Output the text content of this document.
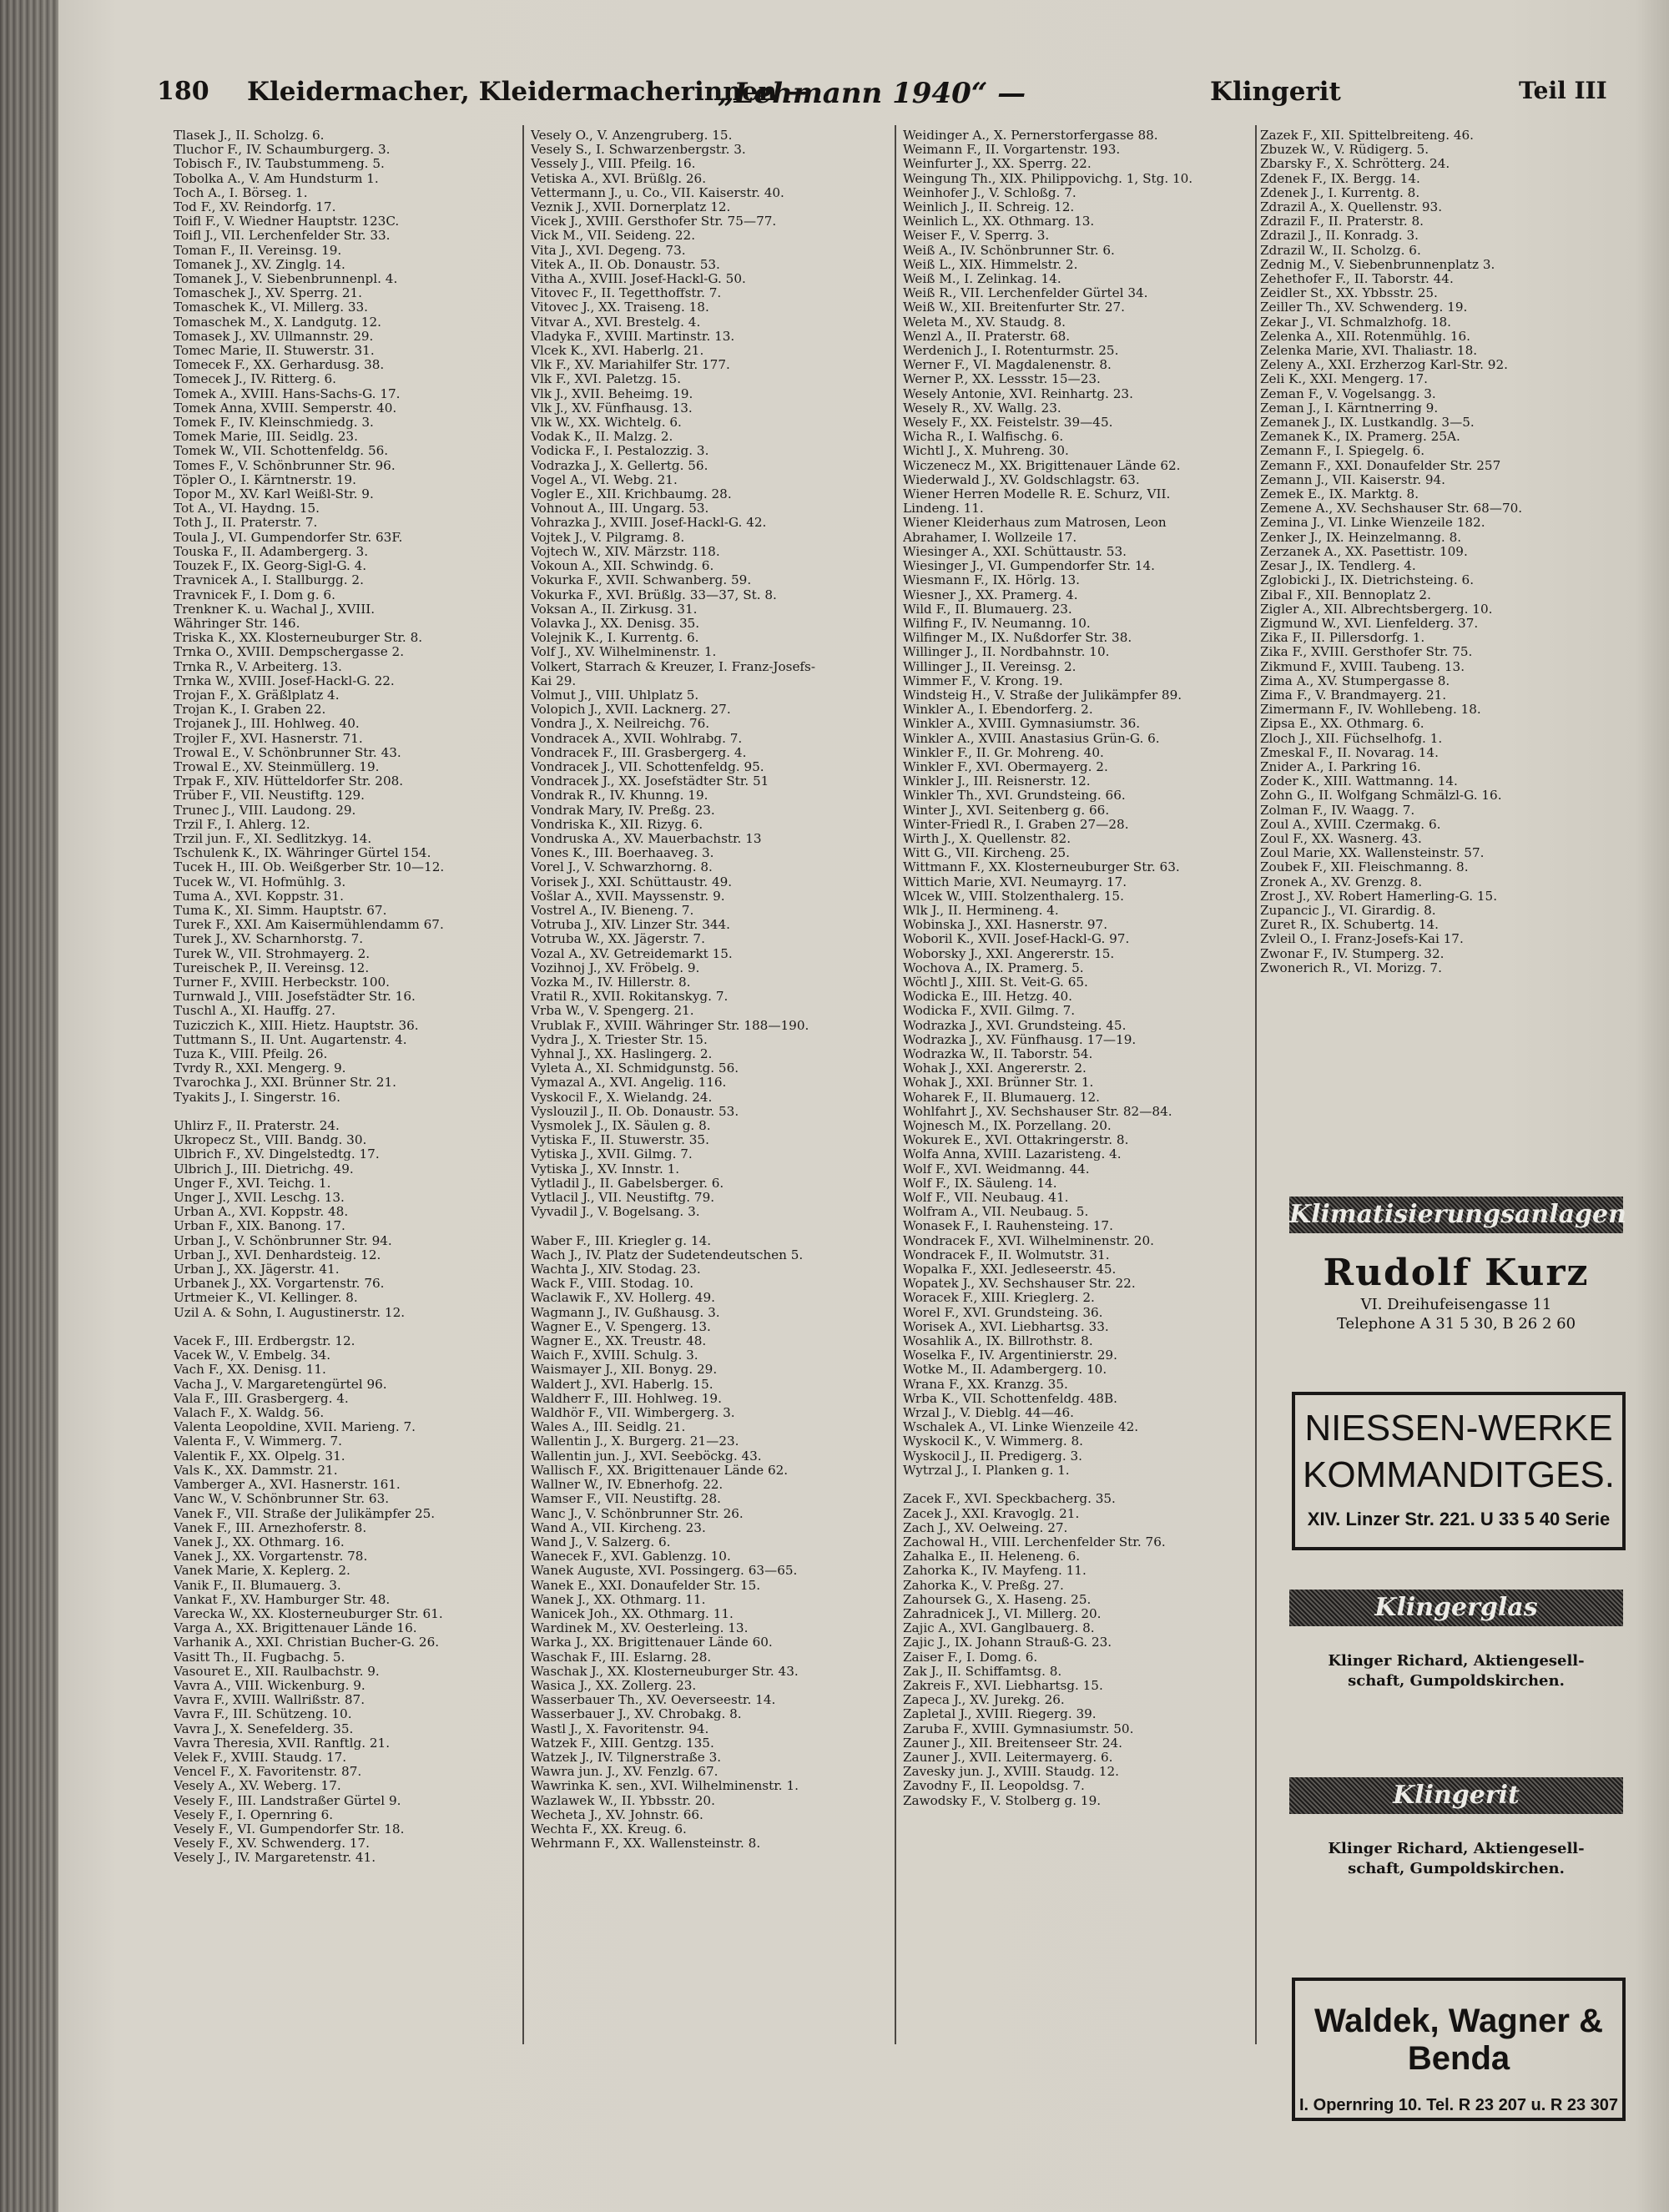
180 Kleidermacher, Kleidermacherinnen —
„Lehmann 1940“ —	Klingerit	Teil III
Tlasek J., II. Scholzg. 6.
Tluchor F., IV. Schaumburgerg. 3.
Tobisch F., IV. Taubstummeng. 5.
Tobolka A., V. Am Hundsturm 1.
Toch A., I. Börseg. 1.
Tod F., XV. Reindorfg. 17.
Toifl F., V. Wiedner Hauptstr. 123C.
Toifl J., VII. Lerchenfelder Str. 33.
Toman F., II. Vereinsg. 19.
Tomanek J., XV. Zinglg. 14.
Tomanek J., V. Siebenbrunnenpl. 4.
Tomaschek J., XV. Sperrg. 21.
Tomaschek K., VI. Millerg. 33.
Tomaschek M., X. Landgutg. 12.
Tomasek J., XV. Ullmannstr. 29.
Tomec Marie, II. Stuwerstr. 31.
Tomecek F., XX. Gerhardusg. 38.
Tomecek J., IV. Ritterg. 6.
Tomek A., XVIII. Hans-Sachs-G. 17.
Tomek Anna, XVIII. Semperstr. 40.
Tomek F., IV. Kleinschmiedg. 3.
Tomek Marie, III. Seidlg. 23.
Tomek W., VII. Schottenfeldg. 56.
Tomes F., V. Schönbrunner Str. 96.
Töpler O., I. Kärntnerstr. 19.
Topor M., XV. Karl Weißl-Str. 9.
Tot A., VI. Haydng. 15.
Toth J., II. Praterstr. 7.
Toula J., VI. Gumpendorfer Str. 63F.
Touska F., II. Adambergerg. 3.
Touzek F., IX. Georg-Sigl-G. 4.
Travnicek A., I. Stallburgg. 2.
Travnicek F., I. Dom g. 6.
Trenkner K. u. Wachal J., XVIII.
Währinger Str. 146.
Triska K., XX. Klosterneuburger Str. 8.
Trnka O., XVIII. Dempschergasse 2.
Trnka R., V. Arbeiterg. 13.
Trnka W., XVIII. Josef-Hackl-G. 22.
Trojan F., X. Gräßlplatz 4.
Trojan K., I. Graben 22.
Trojanek J., III. Hohlweg. 40.
Trojler F., XVI. Hasnerstr. 71.
Trowal E., V. Schönbrunner Str. 43.
Trowal E., XV. Steinmüllerg. 19.
Trpak F., XIV. Hütteldorfer Str. 208.
Trüber F., VII. Neustiftg. 129.
Trunec J., VIII. Laudong. 29.
Trzil F., I. Ahlerg. 12.
Trzil jun. F., XI. Sedlitzkyg. 14.
Tschulenk K., IX. Währinger Gürtel 154.
Tucek H., III. Ob. Weißgerber Str. 10—12.
Tucek W., VI. Hofmühlg. 3.
Tuma A., XVI. Koppstr. 31.
Tuma K., XI. Simm. Hauptstr. 67.
Turek F., XXI. Am Kaisermühlendamm 67.
Turek J., XV. Scharnhorstg. 7.
Turek W., VII. Strohmayerg. 2.
Tureischek P., II. Vereinsg. 12.
Turner F., XVIII. Herbeckstr. 100.
Turnwald J., VIII. Josefstädter Str. 16.
Tuschl A., XI. Hauffg. 27.
Tuziczich K., XIII. Hietz. Hauptstr. 36.
Tuttmann S., II. Unt. Augartenstr. 4.
Tuza K., VIII. Pfeilg. 26.
Tvrdy R., XXI. Mengerg. 9.
Tvarochka J., XXI. Brünner Str. 21.
Tyakits J., I. Singerstr. 16.

Uhlirz F., II. Praterstr. 24.
Ukropecz St., VIII. Bandg. 30.
Ulbrich F., XV. Dingelstedtg. 17.
Ulbrich J., III. Dietrichg. 49.
Unger F., XVI. Teichg. 1.
Unger J., XVII. Leschg. 13.
Urban A., XVI. Koppstr. 48.
Urban F., XIX. Banong. 17.
Urban J., V. Schönbrunner Str. 94.
Urban J., XVI. Denhardsteig. 12.
Urban J., XX. Jägerstr. 41.
Urbanek J., XX. Vorgartenstr. 76.
Urtmeier K., VI. Kellinger. 8.
Uzil A. & Sohn, I. Augustinerstr. 12.

Vacek F., III. Erdbergstr. 12.
Vacek W., V. Embelg. 34.
Vach F., XX. Denisg. 11.
Vacha J., V. Margaretengürtel 96.
Vala F., III. Grasbergerg. 4.
Valach F., X. Waldg. 56.
Valenta Leopoldine, XVII. Marieng. 7.
Valenta F., V. Wimmerg. 7.
Valentik F., XX. Olpelg. 31.
Vals K., XX. Dammstr. 21.
Vamberger A., XVI. Hasnerstr. 161.
Vanc W., V. Schönbrunner Str. 63.
Vanek F., VII. Straße der Julikämpfer 25.
Vanek F., III. Arnezhoferstr. 8.
Vanek J., XX. Othmarg. 16.
Vanek J., XX. Vorgartenstr. 78.
Vanek Marie, X. Keplerg. 2.
Vanik F., II. Blumauerg. 3.
Vankat F., XV. Hamburger Str. 48.
Varecka W., XX. Klosterneuburger Str. 61.
Varga A., XX. Brigittenauer Lände 16.
Varhanik A., XXI. Christian Bucher-G. 26.
Vasitt Th., II. Fugbachg. 5.
Vasouret E., XII. Raulbachstr. 9.
Vavra A., VIII. Wickenburg. 9.
Vavra F., XVIII. Wallrißstr. 87.
Vavra F., III. Schützeng. 10.
Vavra J., X. Senefelderg. 35.
Vavra Theresia, XVII. Ranftlg. 21.
Velek F., XVIII. Staudg. 17.
Vencel F., X. Favoritenstr. 87.
Vesely A., XV. Weberg. 17.
Vesely F., III. Landstraßer Gürtel 9.
Vesely F., I. Opernring 6.
Vesely F., VI. Gumpendorfer Str. 18.
Vesely F., XV. Schwenderg. 17.
Vesely J., IV. Margaretenstr. 41.
Vesely O., V. Anzengruberg. 15.
Vesely S., I. Schwarzenbergstr. 3.
Vessely J., VIII. Pfeilg. 16.
Vetiska A., XVI. Brüßlg. 26.
Vettermann J., u. Co., VII. Kaiserstr. 40.
Veznik J., XVII. Dornerplatz 12.
Vicek J., XVIII. Gersthofer Str. 75—77.
Vick M., VII. Seideng. 22.
Vita J., XVI. Degeng. 73.
Vitek A., II. Ob. Donaustr. 53.
Vitha A., XVIII. Josef-Hackl-G. 50.
Vitovec F., II. Tegetthoffstr. 7.
Vitovec J., XX. Traiseng. 18.
Vitvar A., XVI. Brestelg. 4.
Vladyka F., XVIII. Martinstr. 13.
Vlcek K., XVI. Haberlg. 21.
Vlk F., XV. Mariahilfer Str. 177.
Vlk F., XVI. Paletzg. 15.
Vlk J., XVII. Beheimg. 19.
Vlk J., XV. Fünfhausg. 13.
Vlk W., XX. Wichtelg. 6.
Vodak K., II. Malzg. 2.
Vodicka F., I. Pestalozzig. 3.
Vodrazka J., X. Gellertg. 56.
Vogel A., VI. Webg. 21.
Vogler E., XII. Krichbaumg. 28.
Vohnout A., III. Ungarg. 53.
Vohrazka J., XVIII. Josef-Hackl-G. 42.
Vojtek J., V. Pilgramg. 8.
Vojtech W., XIV. Märzstr. 118.
Vokoun A., XII. Schwindg. 6.
Vokurka F., XVII. Schwanberg. 59.
Vokurka F., XVI. Brüßlg. 33—37, St. 8.
Voksan A., II. Zirkusg. 31.
Volavka J., XX. Denisg. 35.
Volejnik K., I. Kurrentg. 6.
Volf J., XV. Wilhelminenstr. 1.
Volkert, Starrach & Kreuzer, I. Franz-Josefs-
Kai 29.
Volmut J., VIII. Uhlplatz 5.
Volopich J., XVII. Lacknerg. 27.
Vondra J., X. Neilreichg. 76.
Vondracek A., XVII. Wohlrabg. 7.
Vondracek F., III. Grasbergerg. 4.
Vondracek J., VII. Schottenfeldg. 95.
Vondracek J., XX. Josefstädter Str. 51
Vondrak R., IV. Khunng. 19.
Vondrak Mary, IV. Preßg. 23.
Vondriska K., XII. Rizyg. 6.
Vondruska A., XV. Mauerbachstr. 13
Vones K., III. Boerhaaveg. 3.
Vorel J., V. Schwarzhorng. 8.
Vorisek J., XXI. Schüttaustr. 49.
Vošlar A., XVII. Mayssenstr. 9.
Vostrel A., IV. Bieneng. 7.
Votruba J., XIV. Linzer Str. 344.
Votruba W., XX. Jägerstr. 7.
Vozal A., XV. Getreidemarkt 15.
Vozihnoj J., XV. Fröbelg. 9.
Vozka M., IV. Hillerstr. 8.
Vratil R., XVII. Rokitanskyg. 7.
Vrba W., V. Spengerg. 21.
Vrublak F., XVIII. Währinger Str. 188—190.
Vydra J., X. Triester Str. 15.
Vyhnal J., XX. Haslingerg. 2.
Vyleta A., XI. Schmidgunstg. 56.
Vymazal A., XVI. Angelig. 116.
Vyskocil F., X. Wielandg. 24.
Vyslouzil J., II. Ob. Donaustr. 53.
Vysmolek J., IX. Säulen g. 8.
Vytiska F., II. Stuwerstr. 35.
Vytiska J., XVII. Gilmg. 7.
Vytiska J., XV. Innstr. 1.
Vytladil J., II. Gabelsberger. 6.
Vytlacil J., VII. Neustiftg. 79.
Vyvadil J., V. Bogelsang. 3.

Waber F., III. Kriegler g. 14.
Wach J., IV. Platz der Sudetendeutschen 5.
Wachta J., XIV. Stodag. 23.
Wack F., VIII. Stodag. 10.
Waclawik F., XV. Hollerg. 49.
Wagmann J., IV. Gußhausg. 3.
Wagner E., V. Spengerg. 13.
Wagner E., XX. Treustr. 48.
Waich F., XVIII. Schulg. 3.
Waismayer J., XII. Bonyg. 29.
Waldert J., XVI. Haberlg. 15.
Waldherr F., III. Hohlweg. 19.
Waldhör F., VII. Wimbergerg. 3.
Wales A., III. Seidlg. 21.
Wallentin J., X. Burgerg. 21—23.
Wallentin jun. J., XVI. Seeböckg. 43.
Wallisch F., XX. Brigittenauer Lände 62.
Wallner W., IV. Ebnerhofg. 22.
Wamser F., VII. Neustiftg. 28.
Wanc J., V. Schönbrunner Str. 26.
Wand A., VII. Kircheng. 23.
Wand J., V. Salzerg. 6.
Wanecek F., XVI. Gablenzg. 10.
Wanek Auguste, XVI. Possingerg. 63—65.
Wanek E., XXI. Donaufelder Str. 15.
Wanek J., XX. Othmarg. 11.
Wanicek Joh., XX. Othmarg. 11.
Wardinek M., XV. Oesterleing. 13.
Warka J., XX. Brigittenauer Lände 60.
Waschak F., III. Eslarng. 28.
Waschak J., XX. Klosterneuburger Str. 43.
Wasica J., XX. Zollerg. 23.
Wasserbauer Th., XV. Oeverseestr. 14.
Wasserbauer J., XV. Chrobakg. 8.
Wastl J., X. Favoritenstr. 94.
Watzek F., XIII. Gentzg. 135.
Watzek J., IV. Tilgnerstraße 3.
Wawra jun. J., XV. Fenzlg. 67.
Wawrinka K. sen., XVI. Wilhelminenstr. 1.
Wazlawek W., II. Ybbsstr. 20.
Wecheta J., XV. Johnstr. 66.
Wechta F., XX. Kreug. 6.
Wehrmann F., XX. Wallensteinstr. 8.
Weidinger A., X. Pernerstorfergasse 88.
Weimann F., II. Vorgartenstr. 193.
Weinfurter J., XX. Sperrg. 22.
Weingung Th., XIX. Philippovichg. 1, Stg. 10.
Weinhofer J., V. Schloßg. 7.
Weinlich J., II. Schreig. 12.
Weinlich L., XX. Othmarg. 13.
Weiser F., V. Sperrg. 3.
Weiß A., IV. Schönbrunner Str. 6.
Weiß L., XIX. Himmelstr. 2.
Weiß M., I. Zelinkag. 14.
Weiß R., VII. Lerchenfelder Gürtel 34.
Weiß W., XII. Breitenfurter Str. 27.
Weleta M., XV. Staudg. 8.
Wenzl A., II. Praterstr. 68.
Werdenich J., I. Rotenturmstr. 25.
Werner F., VI. Magdalenenstr. 8.
Werner P., XX. Lessstr. 15—23.
Wesely Antonie, XVI. Reinhartg. 23.
Wesely R., XV. Wallg. 23.
Wesely F., XX. Feistelstr. 39—45.
Wicha R., I. Walfischg. 6.
Wichtl J., X. Muhreng. 30.
Wiczenecz M., XX. Brigittenauer Lände 62.
Wiederwald J., XV. Goldschlagstr. 63.
Wiener Herren Modelle R. E. Schurz, VII.
Lindeng. 11.
Wiener Kleiderhaus zum Matrosen, Leon
Abrahamer, I. Wollzeile 17.
Wiesinger A., XXI. Schüttaustr. 53.
Wiesinger J., VI. Gumpendorfer Str. 14.
Wiesmann F., IX. Hörlg. 13.
Wiesner J., XX. Pramerg. 4.
Wild F., II. Blumauerg. 23.
Wilfing F., IV. Neumanng. 10.
Wilfinger M., IX. Nußdorfer Str. 38.
Willinger J., II. Nordbahnstr. 10.
Willinger J., II. Vereinsg. 2.
Wimmer F., V. Krong. 19.
Windsteig H., V. Straße der Julikämpfer 89.
Winkler A., I. Ebendorferg. 2.
Winkler A., XVIII. Gymnasiumstr. 36.
Winkler A., XVIII. Anastasius Grün-G. 6.
Winkler F., II. Gr. Mohreng. 40.
Winkler F., XVI. Obermayerg. 2.
Winkler J., III. Reisnerstr. 12.
Winkler Th., XVI. Grundsteing. 66.
Winter J., XVI. Seitenberg g. 66.
Winter-Friedl R., I. Graben 27—28.
Wirth J., X. Quellenstr. 82.
Witt G., VII. Kircheng. 25.
Wittmann F., XX. Klosterneuburger Str. 63.
Wittich Marie, XVI. Neumayrg. 17.
Wlcek W., VIII. Stolzenthalerg. 15.
Wlk J., II. Hermineng. 4.
Wobinska J., XXI. Hasnerstr. 97.
Woboril K., XVII. Josef-Hackl-G. 97.
Woborsky J., XXI. Angererstr. 15.
Wochova A., IX. Pramerg. 5.
Wöchtl J., XIII. St. Veit-G. 65.
Wodicka E., III. Hetzg. 40.
Wodicka F., XVII. Gilmg. 7.
Wodrazka J., XVI. Grundsteing. 45.
Wodrazka J., XV. Fünfhausg. 17—19.
Wodrazka W., II. Taborstr. 54.
Wohak J., XXI. Angererstr. 2.
Wohak J., XXI. Brünner Str. 1.
Woharek F., II. Blumauerg. 12.
Wohlfahrt J., XV. Sechshauser Str. 82—84.
Wojnesch M., IX. Porzellang. 20.
Wokurek E., XVI. Ottakringerstr. 8.
Wolfa Anna, XVIII. Lazaristeng. 4.
Wolf F., XVI. Weidmanng. 44.
Wolf F., IX. Säuleng. 14.
Wolf F., VII. Neubaug. 41.
Wolfram A., VII. Neubaug. 5.
Wonasek F., I. Rauhensteing. 17.
Wondracek F., XVI. Wilhelminenstr. 20.
Wondracek F., II. Wolmutstr. 31.
Wopalka F., XXI. Jedleseerstr. 45.
Wopatek J., XV. Sechshauser Str. 22.
Woracek F., XIII. Krieglerg. 2.
Worel F., XVI. Grundsteing. 36.
Worisek A., XVI. Liebhartsg. 33.
Wosahlik A., IX. Billrothstr. 8.
Woselka F., IV. Argentinierstr. 29.
Wotke M., II. Adambergerg. 10.
Wrana F., XX. Kranzg. 35.
Wrba K., VII. Schottenfeldg. 48B.
Wrzal J., V. Dieblg. 44—46.
Wschalek A., VI. Linke Wienzeile 42.
Wyskocil K., V. Wimmerg. 8.
Wyskocil J., II. Predigerg. 3.
Wytrzal J., I. Planken g. 1.

Zacek F., XVI. Speckbacherg. 35.
Zacek J., XXI. Kravoglg. 21.
Zach J., XV. Oelweing. 27.
Zachowal H., VIII. Lerchenfelder Str. 76.
Zahalka E., II. Heleneng. 6.
Zahorka K., IV. Mayfeng. 11.
Zahorka K., V. Preßg. 27.
Zahoursek G., X. Haseng. 25.
Zahradnicek J., VI. Millerg. 20.
Zajic A., XVI. Ganglbauerg. 8.
Zajic J., IX. Johann Strauß-G. 23.
Zaiser F., I. Domg. 6.
Zak J., II. Schiffamtsg. 8.
Zakreis F., XVI. Liebhartsg. 15.
Zapeca J., XV. Jurekg. 26.
Zapletal J., XVIII. Riegerg. 39.
Zaruba F., XVIII. Gymnasiumstr. 50.
Zauner J., XII. Breitenseer Str. 24.
Zauner J., XVII. Leitermayerg. 6.
Zavesky jun. J., XVIII. Staudg. 12.
Zavodny F., II. Leopoldsg. 7.
Zawodsky F., V. Stolberg g. 19.
Zazek F., XII. Spittelbreiteng. 46.
Zbuzek W., V. Rüdigerg. 5.
Zbarsky F., X. Schrötterg. 24.
Zdenek F., IX. Bergg. 14.
Zdenek J., I. Kurrentg. 8.
Zdrazil A., X. Quellenstr. 93.
Zdrazil F., II. Praterstr. 8.
Zdrazil J., II. Konradg. 3.
Zdrazil W., II. Scholzg. 6.
Zednig M., V. Siebenbrunnenplatz 3.
Zehethofer F., II. Taborstr. 44.
Zeidler St., XX. Ybbsstr. 25.
Zeiller Th., XV. Schwenderg. 19.
Zekar J., VI. Schmalzhofg. 18.
Zelenka A., XII. Rotenmühlg. 16.
Zelenka Marie, XVI. Thaliastr. 18.
Zeleny A., XXI. Erzherzog Karl-Str. 92.
Zeli K., XXI. Mengerg. 17.
Zeman F., V. Vogelsangg. 3.
Zeman J., I. Kärntnerring 9.
Zemanek J., IX. Lustkandlg. 3—5.
Zemanek K., IX. Pramerg. 25A.
Zemann F., I. Spiegelg. 6.
Zemann F., XXI. Donaufelder Str. 257
Zemann J., VII. Kaiserstr. 94.
Zemek E., IX. Marktg. 8.
Zemene A., XV. Sechshauser Str. 68—70.
Zemina J., VI. Linke Wienzeile 182.
Zenker J., IX. Heinzelmanng. 8.
Zerzanek A., XX. Pasettistr. 109.
Zesar J., IX. Tendlerg. 4.
Zglobicki J., IX. Dietrichsteing. 6.
Zibal F., XII. Bennoplatz 2.
Zigler A., XII. Albrechtsbergerg. 10.
Zigmund W., XVI. Lienfelderg. 37.
Zika F., II. Pillersdorfg. 1.
Zika F., XVIII. Gersthofer Str. 75.
Zikmund F., XVIII. Taubeng. 13.
Zima A., XV. Stumpergasse 8.
Zima F., V. Brandmayerg. 21.
Zimermann F., IV. Wohllebeng. 18.
Zipsa E., XX. Othmarg. 6.
Zloch J., XII. Füchselhofg. 1.
Zmeskal F., II. Novarag. 14.
Znider A., I. Parkring 16.
Zoder K., XIII. Wattmanng. 14.
Zohn G., II. Wolfgang Schmälzl-G. 16.
Zolman F., IV. Waagg. 7.
Zoul A., XVIII. Czermakg. 6.
Zoul F., XX. Wasnerg. 43.
Zoul Marie, XX. Wallensteinstr. 57.
Zoubek F., XII. Fleischmanng. 8.
Zronek A., XV. Grenzg. 8.
Zrost J., XV. Robert Hamerling-G. 15.
Zupancic J., VI. Girardig. 8.
Zuret R., IX. Schubertg. 14.
Zvleil O., I. Franz-Josefs-Kai 17.
Zwonar F., IV. Stumperg. 32.
Zwonerich R., VI. Morizg. 7.
Klimatisierungsanlagen
Rudolf Kurz
VI. Dreihufeisengasse 11
Telephone A 31 5 30, B 26 2 60
NIESSEN-WERKE
KOMMANDITGES.
XIV. Linzer Str. 221. U 33 5 40 Serie
Klingerglas
Klinger Richard, Aktiengesell-
schaft, Gumpoldskirchen.
Klingerit
Klinger Richard, Aktiengesell-
schaft, Gumpoldskirchen.
Waldek, Wagner & Benda
I. Opernring 10. Tel. R 23 207 u. R 23 307
